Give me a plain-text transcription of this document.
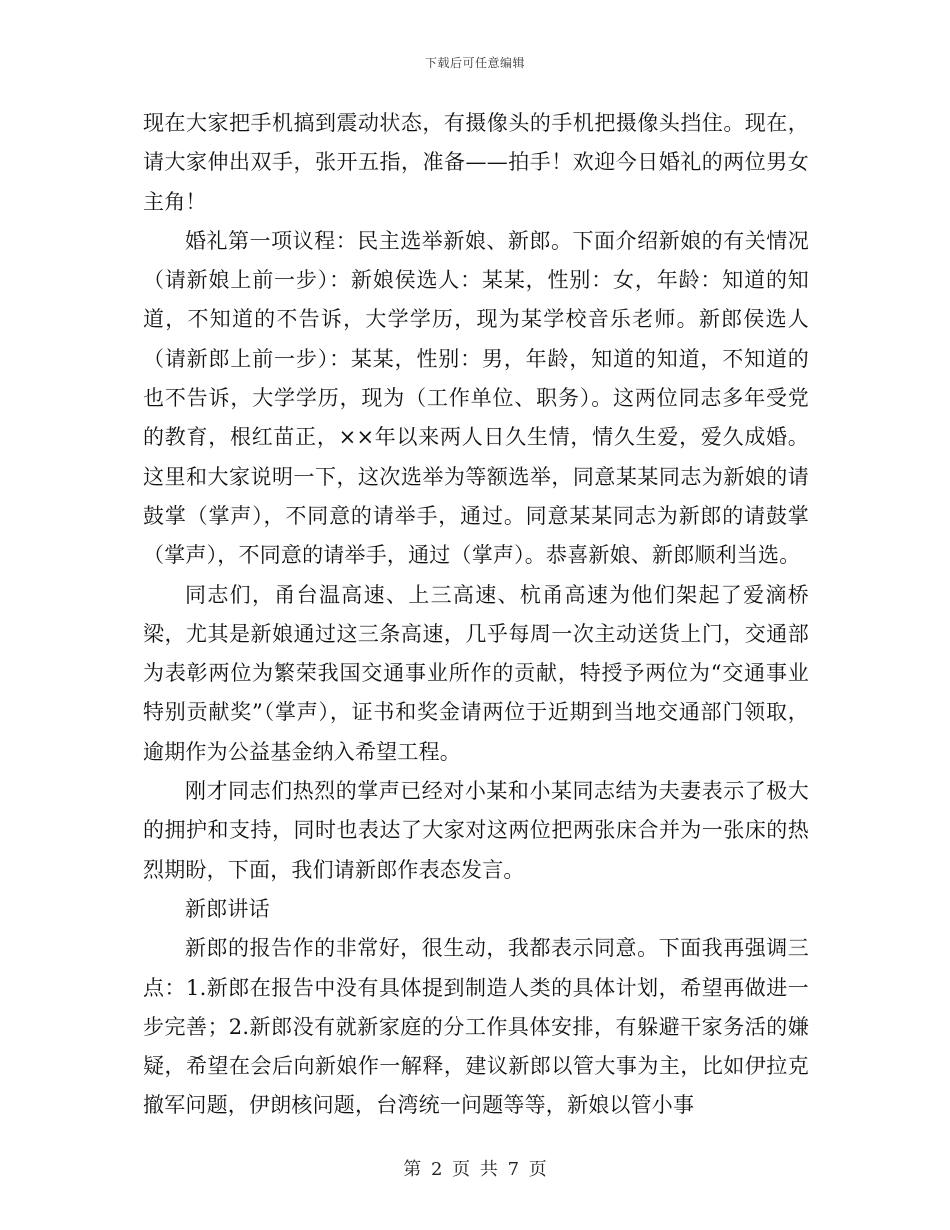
下载后可任意编辑

现在大家把手机搞到震动状态，有摄像头的手机把摄像头挡住。现在，请大家伸出双手，张开五指，准备——拍手！欢迎今日婚礼的两位男女主角！

婚礼第一项议程：民主选举新娘、新郎。下面介绍新娘的有关情况（请新娘上前一步）：新娘侯选人：某某，性别：女，年龄：知道的知道，不知道的不告诉，大学学历，现为某学校音乐老师。新郎侯选人（请新郎上前一步）：某某，性别：男，年龄，知道的知道，不知道的也不告诉，大学学历，现为（工作单位、职务）。这两位同志多年受党的教育，根红苗正，××年以来两人日久生情，情久生爱，爱久成婚。这里和大家说明一下，这次选举为等额选举，同意某某同志为新娘的请鼓掌（掌声），不同意的请举手，通过。同意某某同志为新郎的请鼓掌（掌声），不同意的请举手，通过（掌声）。恭喜新娘、新郎顺利当选。

同志们，甬台温高速、上三高速、杭甬高速为他们架起了爱滴桥梁，尤其是新娘通过这三条高速，几乎每周一次主动送货上门，交通部为表彰两位为繁荣我国交通事业所作的贡献，特授予两位为“交通事业特别贡献奖”（掌声），证书和奖金请两位于近期到当地交通部门领取，逾期作为公益基金纳入希望工程。

刚才同志们热烈的掌声已经对小某和小某同志结为夫妻表示了极大的拥护和支持，同时也表达了大家对这两位把两张床合并为一张床的热烈期盼，下面，我们请新郎作表态发言。

新郎讲话

新郎的报告作的非常好，很生动，我都表示同意。下面我再强调三点：1.新郎在报告中没有具体提到制造人类的具体计划，希望再做进一步完善；2.新郎没有就新家庭的分工作具体安排，有躲避干家务活的嫌疑，希望在会后向新娘作一解释，建议新郎以管大事为主，比如伊拉克撤军问题，伊朗核问题，台湾统一问题等等，新娘以管小事

第 2 页 共 7 页
